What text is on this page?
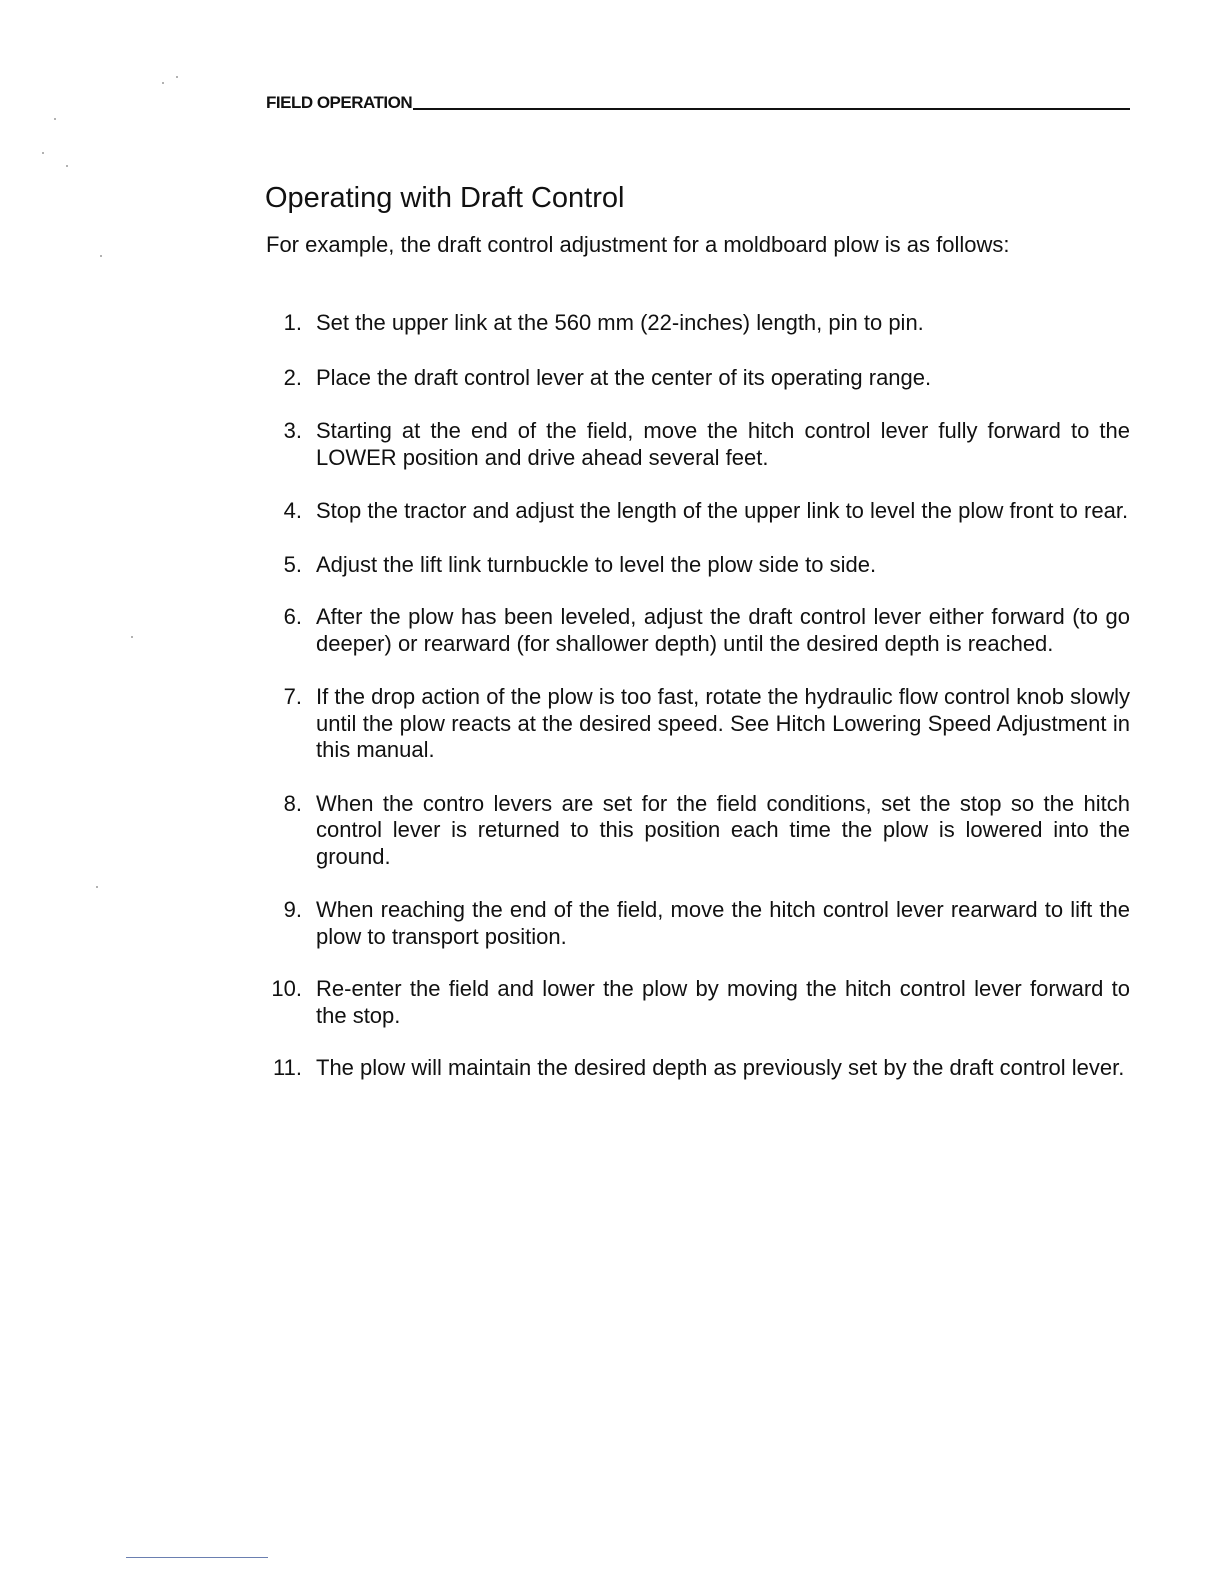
FIELD OPERATION
Operating with Draft Control

For example, the draft control adjustment for a moldboard plow is as follows:

1. Set the upper link at the 560 mm (22-inches) length, pin to pin.
2. Place the draft control lever at the center of its operating range.
3. Starting at the end of the field, move the hitch control lever fully forward to the LOWER position and drive ahead several feet.
4. Stop the tractor and adjust the length of the upper link to level the plow front to rear.
5. Adjust the lift link turnbuckle to level the plow side to side.
6. After the plow has been leveled, adjust the draft control lever either forward (to go deeper) or rearward (for shallower depth) until the desired depth is reached.
7. If the drop action of the plow is too fast, rotate the hydraulic flow control knob slowly until the plow reacts at the desired speed. See Hitch Lowering Speed Adjustment in this manual.
8. When the contro levers are set for the field conditions, set the stop so the hitch control lever is returned to this position each time the plow is lowered into the ground.
9. When reaching the end of the field, move the hitch control lever rearward to lift the plow to transport position.
10. Re-enter the field and lower the plow by moving the hitch control lever forward to the stop.
11. The plow will maintain the desired depth as previously set by the draft control lever.
